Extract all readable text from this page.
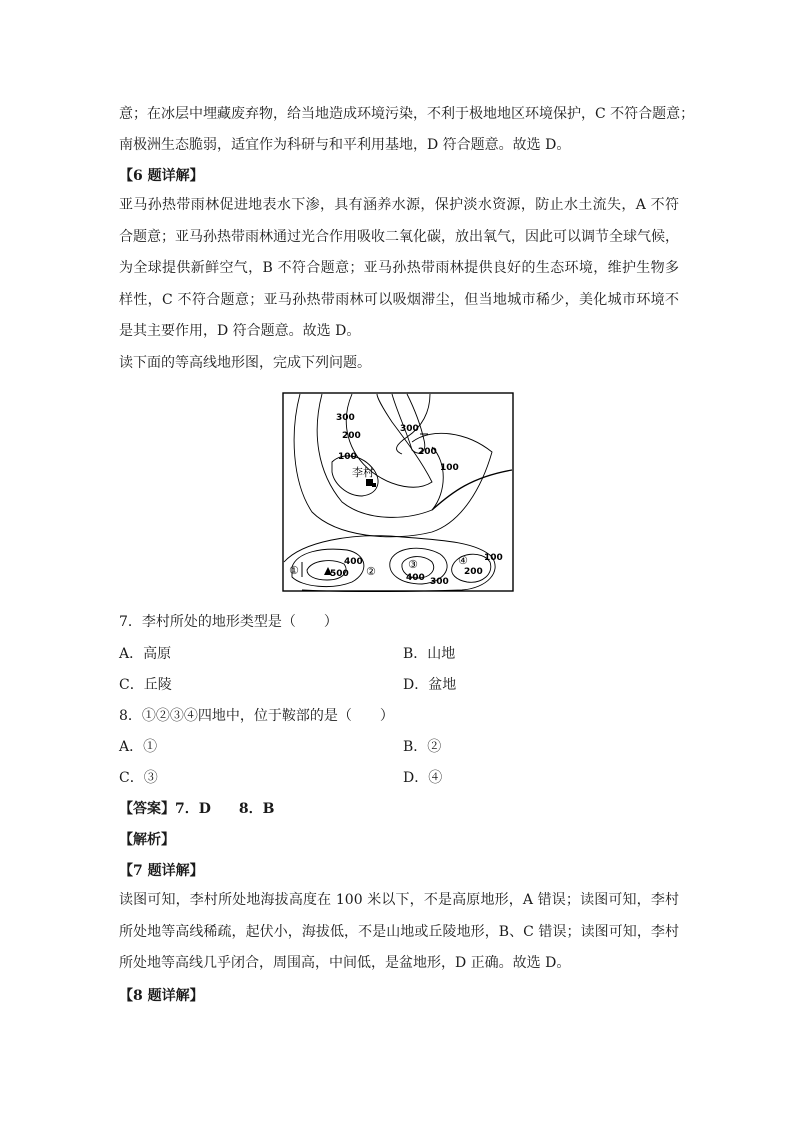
意；在冰层中埋藏废弃物，给当地造成环境污染，不利于极地地区环境保护，C 不符合题意；
南极洲生态脆弱，适宜作为科研与和平利用基地，D 符合题意。故选 D。
【6 题详解】
亚马孙热带雨林促进地表水下渗，具有涵养水源，保护淡水资源，防止水土流失，A 不符合题意；亚马孙热带雨林通过光合作用吸收二氧化碳，放出氧气，因此可以调节全球气候，为全球提供新鲜空气，B 不符合题意；亚马孙热带雨林提供良好的生态环境，维护生物多样性，C 不符合题意；亚马孙热带雨林可以吸烟滞尘，但当地城市稀少，美化城市环境不是其主要作用，D 符合题意。故选 D。
读下面的等高线地形图，完成下列问题。
李村
300
200
100
300
200
100
400
500	400 300
200
100
①	②
③	④
7．李村所处的地形类型是（　　）
A．高原	B．山地
C．丘陵	D．盆地
8．①②③④四地中，位于鞍部的是（　　）
A．①	B．②
C．③	D．④
【答案】7．D　　8．B
【解析】
【7 题详解】
读图可知，李村所处地海拔高度在 100 米以下，不是高原地形，A 错误；读图可知，李村所处地等高线稀疏，起伏小，海拔低，不是山地或丘陵地形，B、C 错误；读图可知，李村所处地等高线几乎闭合，周围高，中间低，是盆地形，D 正确。故选 D。
【8 题详解】
